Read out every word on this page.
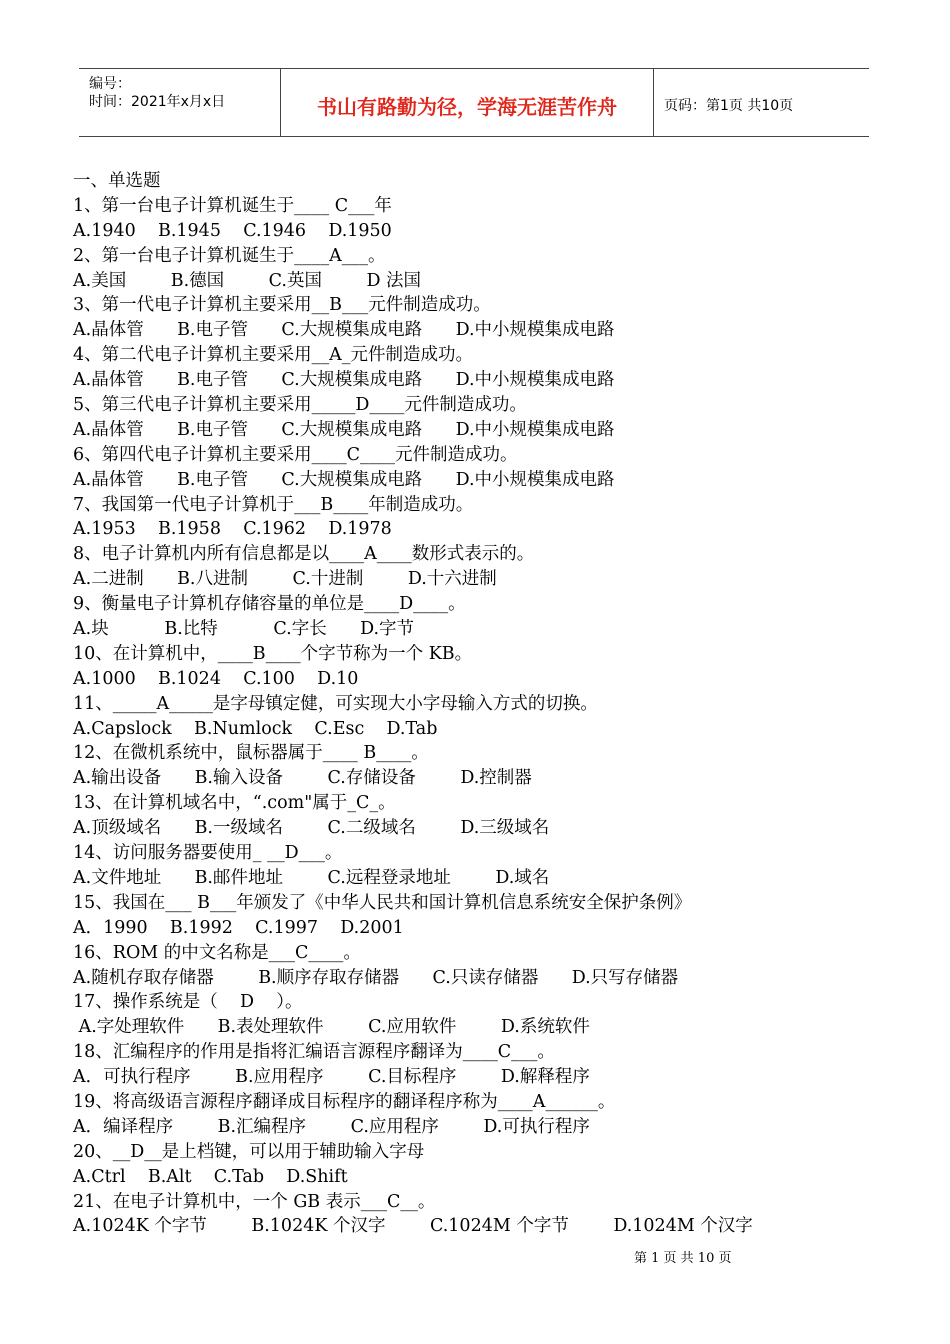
编号：
时间：2021年x月x日	书山有路勤为径，学海无涯苦作舟	页码：第1页 共10页
一、单选题
1、第一台电子计算机诞生于____ C___年
A.1940    B.1945    C.1946    D.1950
2、第一台电子计算机诞生于____A___。
A.美国        B.德国        C.英国        D 法国
3、第一代电子计算机主要采用__B___元件制造成功。
A.晶体管      B.电子管      C.大规模集成电路      D.中小规模集成电路
4、第二代电子计算机主要采用__A_元件制造成功。
A.晶体管      B.电子管      C.大规模集成电路      D.中小规模集成电路
5、第三代电子计算机主要采用_____D____元件制造成功。
A.晶体管      B.电子管      C.大规模集成电路      D.中小规模集成电路
6、第四代电子计算机主要采用____C____元件制造成功。
A.晶体管      B.电子管      C.大规模集成电路      D.中小规模集成电路
7、我国第一代电子计算机于___B____年制造成功。
A.1953    B.1958    C.1962    D.1978
8、电子计算机内所有信息都是以____A____数形式表示的。
A.二进制      B.八进制        C.十进制        D.十六进制
9、衡量电子计算机存储容量的单位是____D____。
A.块          B.比特          C.字长      D.字节
10、在计算机中，____B____个字节称为一个 KB。
A.1000    B.1024    C.100    D.10
11、_____A_____是字母镇定健，可实现大小字母输入方式的切换。
A.Capslock    B.Numlock    C.Esc    D.Tab
12、在微机系统中，鼠标器属于____ B____。
A.输出设备      B.输入设备        C.存储设备        D.控制器
13、在计算机域名中，“.com"属于_C_。
A.顶级域名      B.一级域名        C.二级域名        D.三级域名
14、访问服务器要使用_ __D___。
A.文件地址      B.邮件地址        C.远程登录地址        D.域名
15、我国在___ B___年颁发了《中华人民共和国计算机信息系统安全保护条例》
A．1990    B.1992    C.1997    D.2001
16、ROM 的中文名称是___C____。
A.随机存取存储器        B.顺序存取存储器      C.只读存储器      D.只写存储器
17、操作系统是（    D    ）。
A.字处理软件      B.表处理软件        C.应用软件        D.系统软件
18、汇编程序的作用是指将汇编语言源程序翻译为____C___。
A．可执行程序        B.应用程序        C.目标程序        D.解释程序
19、将高级语言源程序翻译成目标程序的翻译程序称为____A______。
A．编译程序        B.汇编程序        C.应用程序        D.可执行程序
20、__D__是上档键，可以用于辅助输入字母
A.Ctrl    B.Alt    C.Tab    D.Shift
21、在电子计算机中，一个 GB 表示___C__。
A.1024K 个字节        B.1024K 个汉字        C.1024M 个字节        D.1024M 个汉字
第 1 页 共 10 页
